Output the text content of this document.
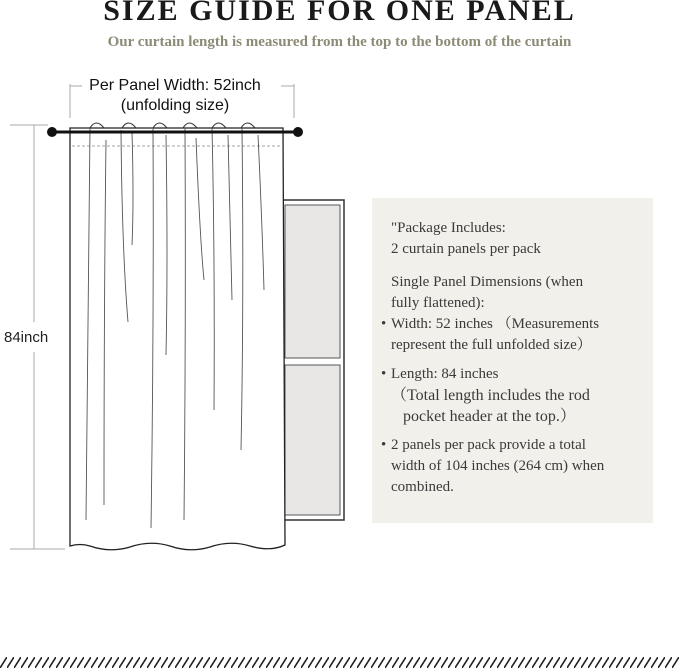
SIZE GUIDE FOR ONE PANEL
Our curtain length is measured from the top to the bottom of the curtain
Per Panel Width: 52inch
(unfolding size)
84inch

"Package Includes:

2 curtain panels per pack

Single Panel Dimensions (when

fully flattened):

• Width: 52 inches （Measurements
represent the full unfolded size）
• Length: 84 inches
（Total length includes the rod
pocket header at the top.）
• 2 panels per pack provide a total
width of 104 inches (264 cm) when
combined.
